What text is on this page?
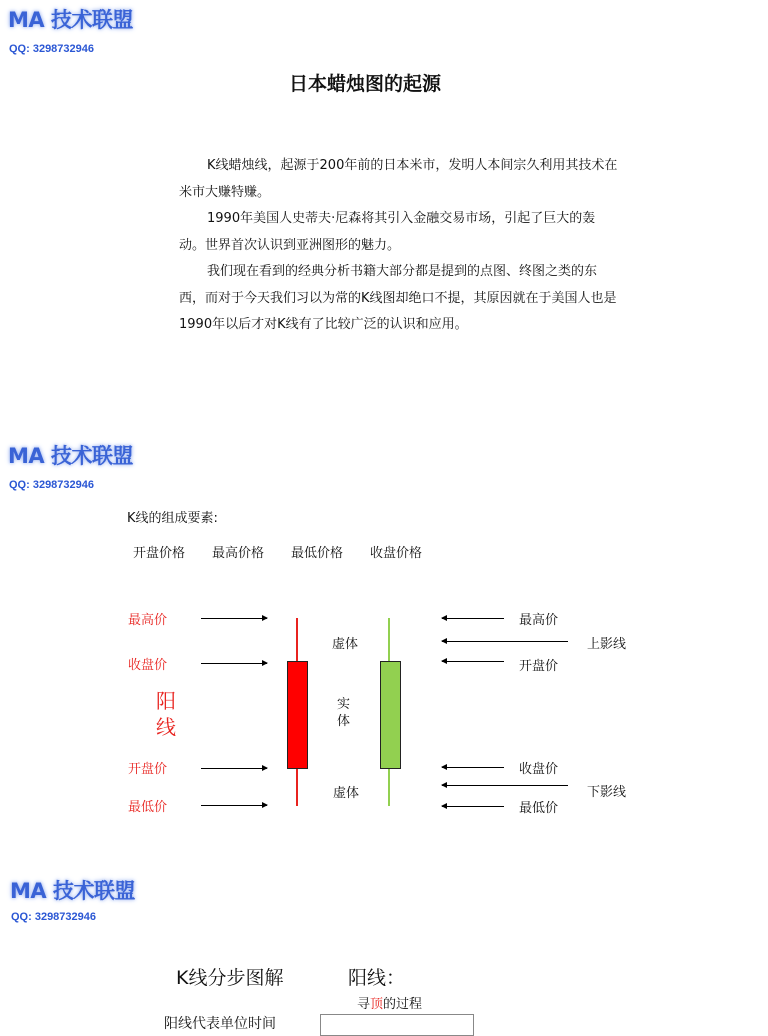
MA 技术联盟
QQ: 3298732946
日本蜡烛图的起源

K线蜡烛线，起源于200年前的日本米市，发明人本间宗久利用其技术在米市大赚特赚。

1990年美国人史蒂夫·尼森将其引入金融交易市场，引起了巨大的轰动。世界首次认识到亚洲图形的魅力。

我们现在看到的经典分析书籍大部分都是提到的点图、终图之类的东西，而对于今天我们习以为常的K线图却绝口不提，其原因就在于美国人也是1990年以后才对K线有了比较广泛的认识和应用。

MA 技术联盟
QQ: 3298732946
K线的组成要素:
开盘价格 最高价格 最低价格 收盘价格
最高价
收盘价
开盘价
最低价
阳线
虚体
实体
虚体
最高价
上影线
开盘价
收盘价
下影线
最低价
MA 技术联盟
QQ: 3298732946
K线分步图解	阳线：
寻顶的过程
阳线代表单位时间
